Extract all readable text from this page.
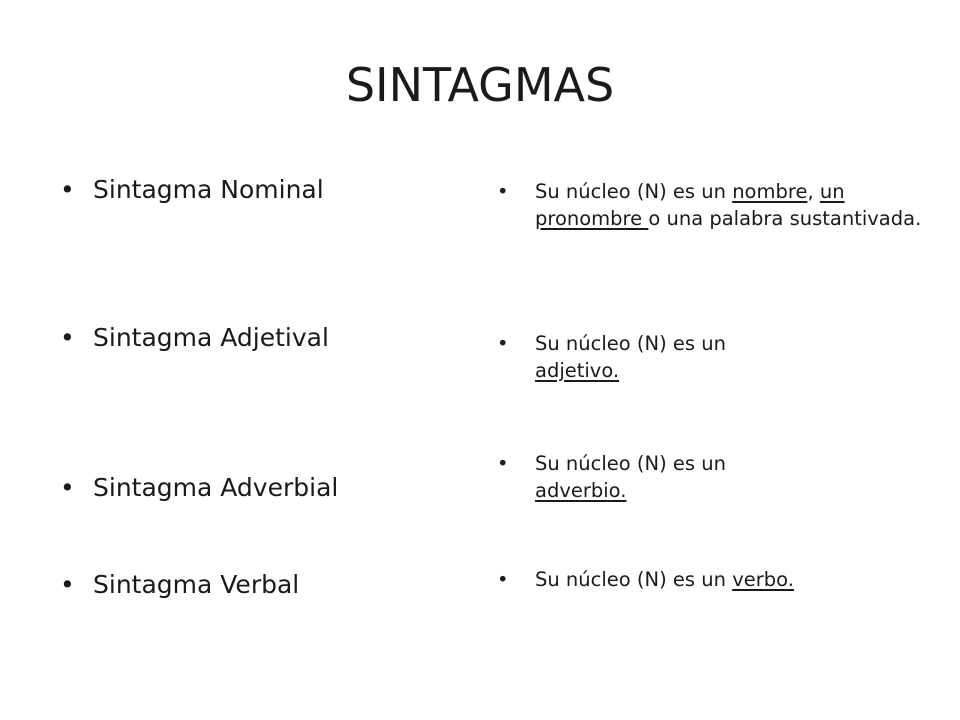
SINTAGMAS
• Sintagma Nominal
• Sintagma Adjetival
• Sintagma Adverbial
• Sintagma Verbal
• Su núcleo (N) es un nombre, un pronombre o una palabra sustantivada.
• Su núcleo (N) es un
adjetivo.
• Su núcleo (N) es un
adverbio.
• Su núcleo (N) es un verbo.
